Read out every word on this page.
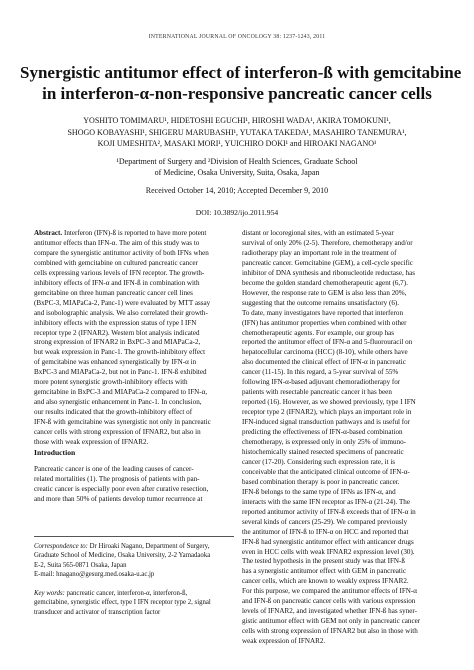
INTERNATIONAL JOURNAL OF ONCOLOGY 38: 1237-1243, 2011
Synergistic antitumor effect of interferon-ß with gemcitabine
in interferon-α-non-responsive pancreatic cancer cells
YOSHITO TOMIMARU¹, HIDETOSHI EGUCHI¹, HIROSHI WADA¹, AKIRA TOMOKUNI¹,
SHOGO KOBAYASHI¹, SHIGERU MARUBASHI¹, YUTAKA TAKEDA¹, MASAHIRO TANEMURA¹,
KOJI UMESHITA², MASAKI MORI¹, YUICHIRO DOKI¹ and HIROAKI NAGANO¹
¹Department of Surgery and ²Division of Health Sciences, Graduate School
of Medicine, Osaka University, Suita, Osaka, Japan
Received October 14, 2010; Accepted December 9, 2010
DOI: 10.3892/ijo.2011.954
Abstract. Interferon (IFN)-ß is reported to have more potent
antitumor effects than IFN-α. The aim of this study was to
compare the synergistic antitumor activity of both IFNs when
combined with gemcitabine on cultured pancreatic cancer
cells expressing various levels of IFN receptor. The growth-
inhibitory effects of IFN-α and IFN-ß in combination with
gemcitabine on three human pancreatic cancer cell lines
(BxPC-3, MIAPaCa-2, Panc-1) were evaluated by MTT assay
and isobolographic analysis. We also correlated their growth-
inhibitory effects with the expression status of type I IFN
receptor type 2 (IFNAR2). Western blot analysis indicated
strong expression of IFNAR2 in BxPC-3 and MIAPaCa-2,
but weak expression in Panc-1. The growth-inhibitory effect
of gemcitabine was enhanced synergistically by IFN-α in
BxPC-3 and MIAPaCa-2, but not in Panc-1. IFN-ß exhibited
more potent synergistic growth-inhibitory effects with
gemcitabine in BxPC-3 and MIAPaCa-2 compared to IFN-α,
and also synergistic enhancement in Panc-1. In conclusion,
our results indicated that the growth-inhibitory effect of
IFN-ß with gemcitabine was synergistic not only in pancreatic
cancer cells with strong expression of IFNAR2, but also in
those with weak expression of IFNAR2.
Introduction
Pancreatic cancer is one of the leading causes of cancer-
related mortalities (1). The prognosis of patients with pan-
creatic cancer is especially poor even after curative resection,
and more than 50% of patients develop tumor recurrence at
Correspondence to: Dr Hiroaki Nagano, Department of Surgery,
Graduate School of Medicine, Osaka University, 2-2 Yamadaoka
E-2, Suita 565-0871 Osaka, Japan
E-mail: hnagano@gesurg.med.osaka-u.ac.jp
Key words: pancreatic cancer, interferon-α, interferon-ß,
gemcitabine, synergistic effect, type I IFN receptor type 2, signal
transducer and activator of transcription factor
distant or locoregional sites, with an estimated 5-year
survival of only 20% (2-5). Therefore, chemotherapy and/or
radiotherapy play an important role in the treatment of
pancreatic cancer. Gemcitabine (GEM), a cell-cycle specific
inhibitor of DNA synthesis and ribonucleotide reductase, has
become the golden standard chemotherapeutic agent (6,7).
However, the response rate to GEM is also less than 20%,
suggesting that the outcome remains unsatisfactory (6).
To date, many investigators have reported that interferon
(IFN) has antitumor properties when combined with other
chemotherapeutic agents. For example, our group has
reported the antitumor effect of IFN-α and 5-fluorouracil on
hepatocellular carcinoma (HCC) (8-10), while others have
also documented the clinical effect of IFN-α in pancreatic
cancer (11-15). In this regard, a 5-year survival of 55%
following IFN-α-based adjuvant chemoradiotherapy for
patients with resectable pancreatic cancer it has been
reported (16). However, as we showed previously, type I IFN
receptor type 2 (IFNAR2), which plays an important role in
IFN-induced signal transduction pathways and is useful for
predicting the effectiveness of IFN-α-based combination
chemotherapy, is expressed only in only 25% of immuno-
histochemically stained resected specimens of pancreatic
cancer (17-20). Considering such expression rate, it is
conceivable that the anticipated clinical outcome of IFN-α-
based combination therapy is poor in pancreatic cancer.
IFN-ß belongs to the same type of IFNs as IFN-α, and
interacts with the same IFN receptor as IFN-α (21-24). The
reported antitumor activity of IFN-ß exceeds that of IFN-α in
several kinds of cancers (25-29). We compared previously
the antitumor of IFN-ß to IFN-α on HCC and reported that
IFN-ß had synergistic antitumor effect with anticancer drugs
even in HCC cells with weak IFNAR2 expression level (30).
The tested hypothesis in the present study was that IFN-ß
has a synergistic antitumor effect with GEM in pancreatic
cancer cells, which are known to weakly express IFNAR2.
For this purpose, we compared the antitumor effects of IFN-α
and IFN-ß on pancreatic cancer cells with various expression
levels of IFNAR2, and investigated whether IFN-ß has syner-
gistic antitumor effect with GEM not only in pancreatic cancer
cells with strong expression of IFNAR2 but also in those with
weak expression of IFNAR2.
